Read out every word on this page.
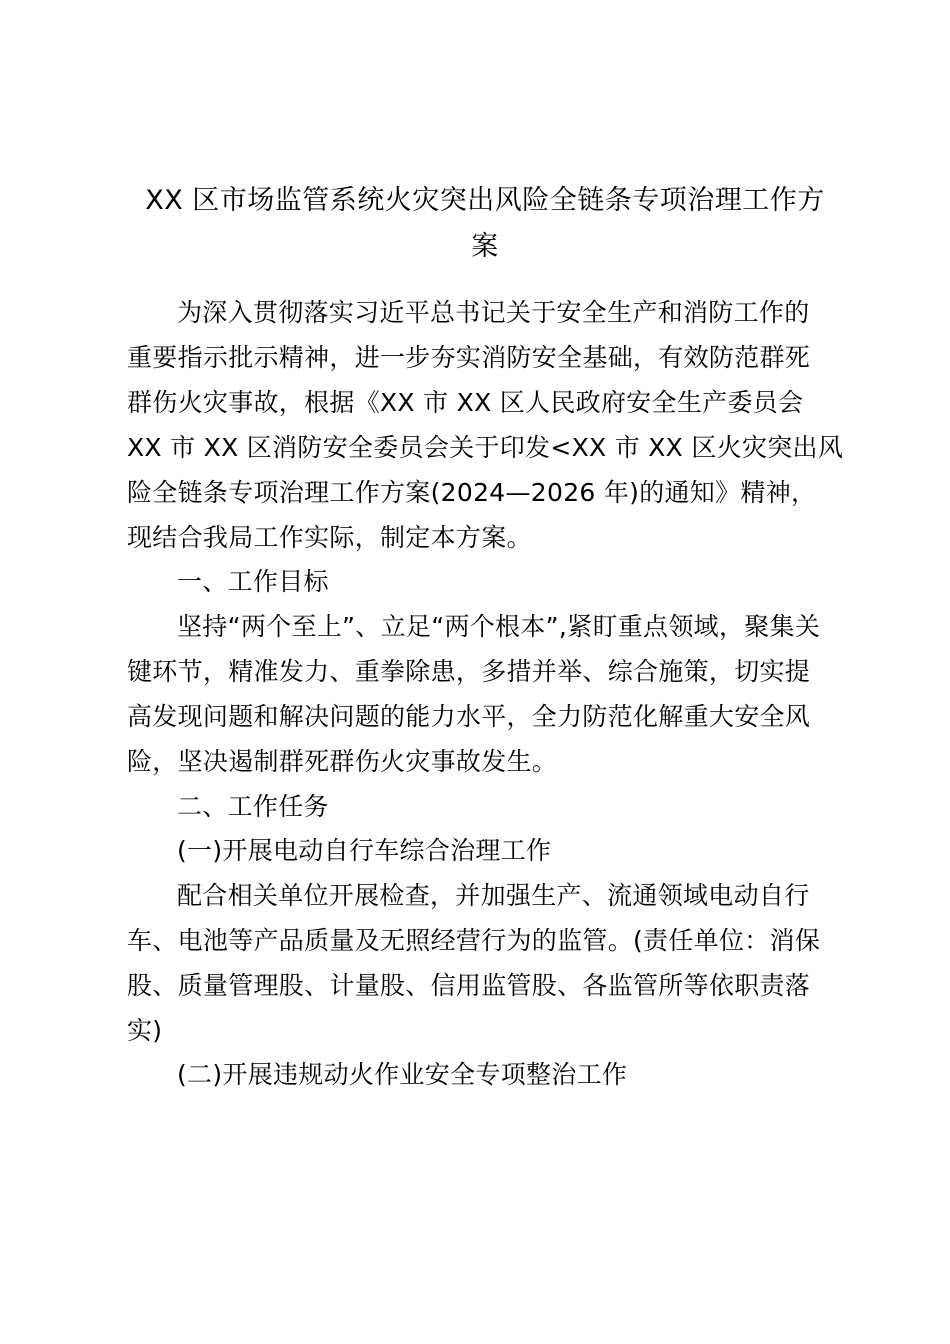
XX 区市场监管系统火灾突出风险全链条专项治理工作方
案
为深入贯彻落实习近平总书记关于安全生产和消防工作的
重要指示批示精神，进一步夯实消防安全基础，有效防范群死
群伤火灾事故，根据《XX 市 XX 区人民政府安全生产委员会
XX 市 XX 区消防安全委员会关于印发<XX 市 XX 区火灾突出风
险全链条专项治理工作方案(2024—2026 年)的通知》精神，
现结合我局工作实际，制定本方案。
一、工作目标
坚持“两个至上”、立足“两个根本”,紧盯重点领域，聚集关
键环节，精准发力、重拳除患，多措并举、综合施策，切实提
高发现问题和解决问题的能力水平，全力防范化解重大安全风
险，坚决遏制群死群伤火灾事故发生。
二、工作任务
(一)开展电动自行车综合治理工作
配合相关单位开展检查，并加强生产、流通领域电动自行
车、电池等产品质量及无照经营行为的监管。(责任单位：消保
股、质量管理股、计量股、信用监管股、各监管所等依职责落
实)
(二)开展违规动火作业安全专项整治工作
